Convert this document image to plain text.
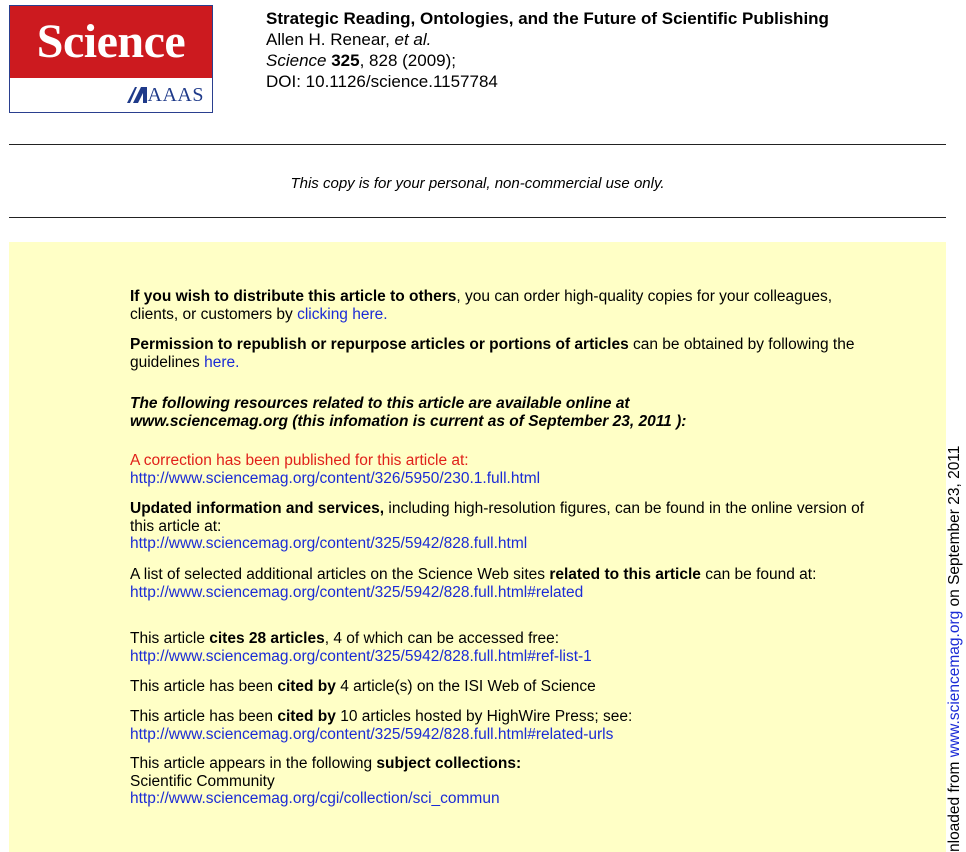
Science
AAAS
Strategic Reading, Ontologies, and the Future of Scientific Publishing
Allen H. Renear, et al.
Science 325, 828 (2009);
DOI: 10.1126/science.1157784
This copy is for your personal, non-commercial use only.
If you wish to distribute this article to others, you can order high-quality copies for your colleagues, clients, or customers by clicking here.
Permission to republish or repurpose articles or portions of articles can be obtained by following the guidelines here.
The following resources related to this article are available online at
www.sciencemag.org (this infomation is current as of September 23, 2011 ):
A correction has been published for this article at:
http://www.sciencemag.org/content/326/5950/230.1.full.html
Updated information and services, including high-resolution figures, can be found in the online version of this article at:
http://www.sciencemag.org/content/325/5942/828.full.html
A list of selected additional articles on the Science Web sites related to this article can be found at:
http://www.sciencemag.org/content/325/5942/828.full.html#related
This article cites 28 articles, 4 of which can be accessed free:
http://www.sciencemag.org/content/325/5942/828.full.html#ref-list-1
This article has been cited by 4 article(s) on the ISI Web of Science
This article has been cited by 10 articles hosted by HighWire Press; see:
http://www.sciencemag.org/content/325/5942/828.full.html#related-urls
This article appears in the following subject collections:
Scientific Community
http://www.sciencemag.org/cgi/collection/sci_commun	nloaded from www.sciencemag.org on September 23, 2011
